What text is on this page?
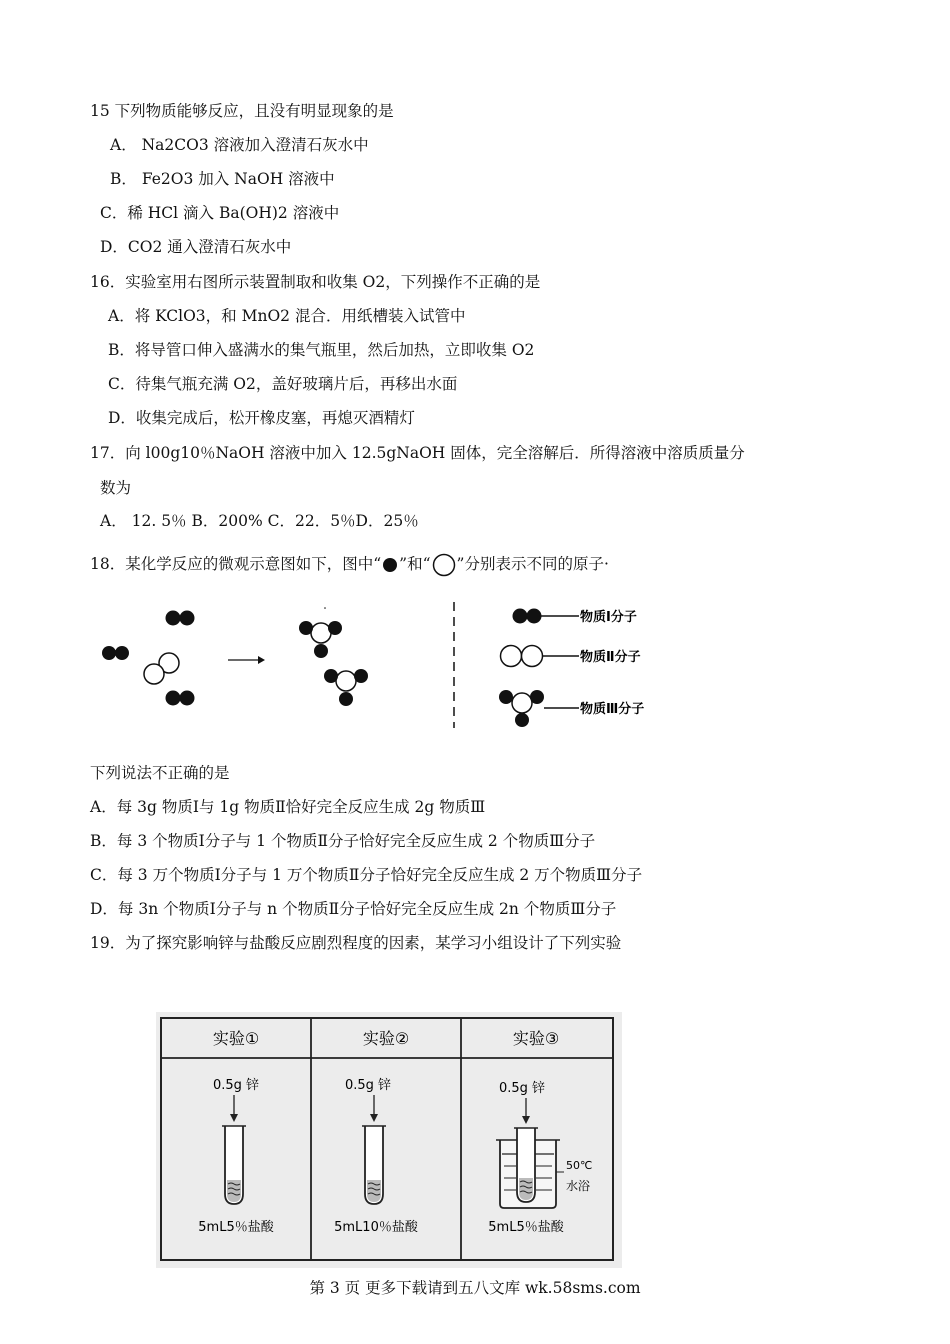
15 下列物质能够反应，且没有明显现象的是
A． Na2CO3 溶液加入澄清石灰水中
B． Fe2O3 加入 NaOH 溶液中
C．稀 HCl 滴入 Ba(OH)2 溶液中
D．CO2 通入澄清石灰水中
16．实验室用右图所示装置制取和收集 O2，下列操作不正确的是
A．将 KClO3，和 MnO2 混合．用纸槽装入试管中
B．将导管口伸入盛满水的集气瓶里，然后加热，立即收集 O2
C．待集气瓶充满 O2，盖好玻璃片后，再移出水面
D．收集完成后，松开橡皮塞，再熄灭酒精灯
17．向 l00g10％NaOH 溶液中加入 12.5gNaOH 固体，完全溶解后．所得溶液中溶质质量分
数为
A． 12. 5％ B．200% C．22．5％D．25％
18．某化学反应的微观示意图如下，图中“ ”和“ ”分别表示不同的原子·
物质Ⅰ分子
物质Ⅱ分子
物质Ⅲ分子
下列说法不正确的是
A．每 3g 物质Ⅰ与 1g 物质Ⅱ恰好完全反应生成 2g 物质Ⅲ
B．每 3 个物质Ⅰ分子与 1 个物质Ⅱ分子恰好完全反应生成 2 个物质Ⅲ分子
C．每 3 万个物质Ⅰ分子与 1 万个物质Ⅱ分子恰好完全反应生成 2 万个物质Ⅲ分子
D．每 3n 个物质Ⅰ分子与 n 个物质Ⅱ分子恰好完全反应生成 2n 个物质Ⅲ分子
19．为了探究影响锌与盐酸反应剧烈程度的因素，某学习小组设计了下列实验
实验①
0.5g 锌
5mL5％盐酸
实验②
0.5g 锌
5mL10％盐酸
实验③
0.5g 锌
50℃
水浴
5mL5％盐酸
第 3 页 更多下载请到五八文库 wk.58sms.com
